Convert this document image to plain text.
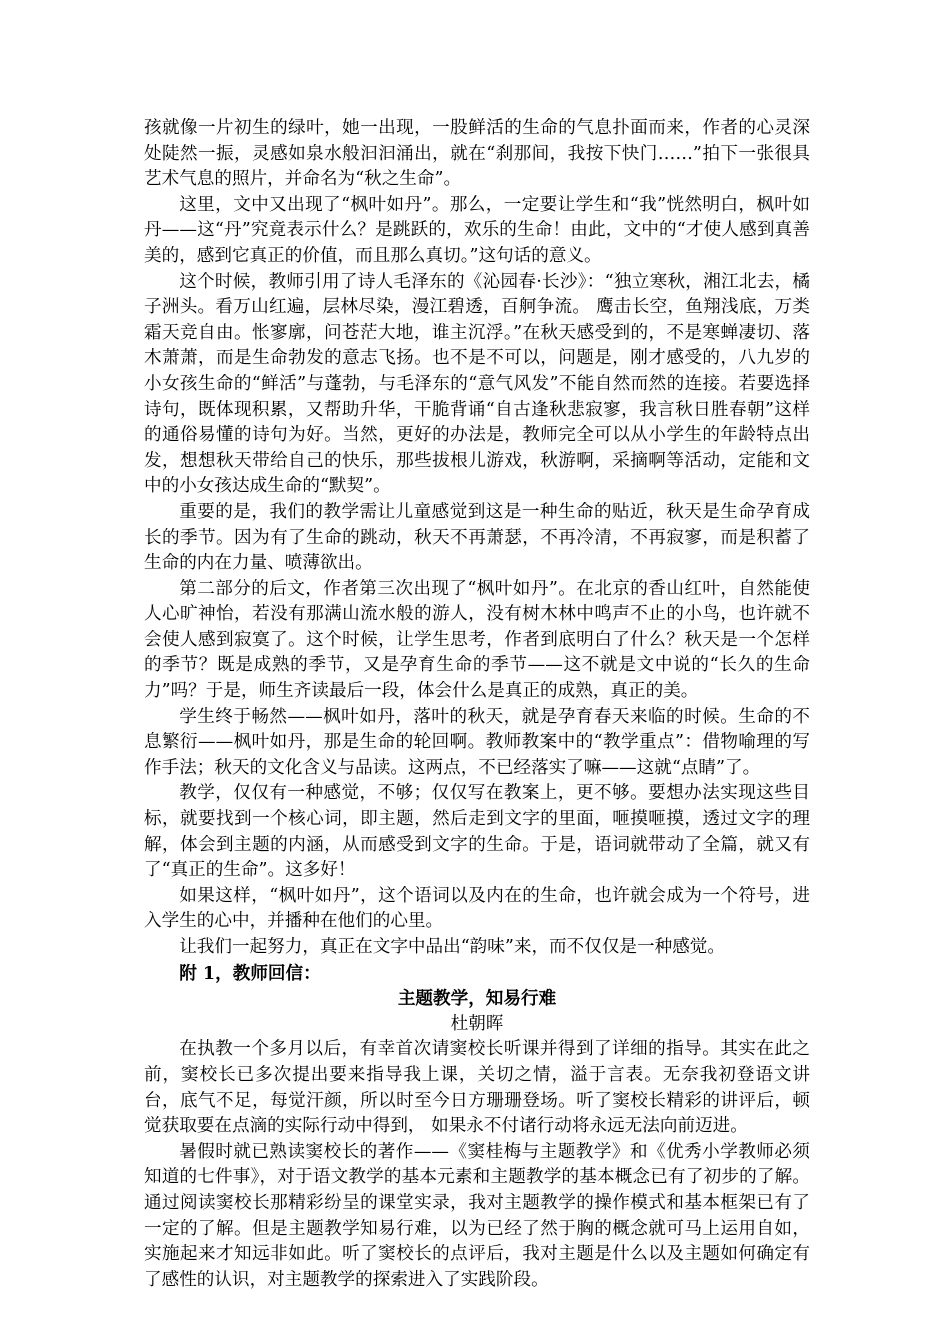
孩就像一片初生的绿叶，她一出现，一股鲜活的生命的气息扑面而来，作者的心灵深处陡然一振，灵感如泉水般汩汩涌出，就在“刹那间，我按下快门……”拍下一张很具艺术气息的照片，并命名为“秋之生命”。

这里，文中又出现了“枫叶如丹”。那么，一定要让学生和“我”恍然明白，枫叶如丹——这“丹”究竟表示什么？是跳跃的，欢乐的生命！由此，文中的“才使人感到真善美的，感到它真正的价值，而且那么真切。”这句话的意义。

这个时候，教师引用了诗人毛泽东的《沁园春·长沙》：“独立寒秋，湘江北去，橘子洲头。看万山红遍，层林尽染，漫江碧透，百舸争流。 鹰击长空，鱼翔浅底，万类霜天竞自由。怅寥廓，问苍茫大地，谁主沉浮。”在秋天感受到的，不是寒蝉凄切、落木萧萧，而是生命勃发的意志飞扬。也不是不可以，问题是，刚才感受的，八九岁的小女孩生命的“鲜活”与蓬勃，与毛泽东的“意气风发”不能自然而然的连接。若要选择诗句，既体现积累，又帮助升华，干脆背诵“自古逢秋悲寂寥，我言秋日胜春朝”这样的通俗易懂的诗句为好。当然，更好的办法是，教师完全可以从小学生的年龄特点出发，想想秋天带给自己的快乐，那些拔根儿游戏，秋游啊，采摘啊等活动，定能和文中的小女孩达成生命的“默契”。

重要的是，我们的教学需让儿童感觉到这是一种生命的贴近，秋天是生命孕育成长的季节。因为有了生命的跳动，秋天不再萧瑟，不再冷清，不再寂寥，而是积蓄了生命的内在力量、喷薄欲出。

第二部分的后文，作者第三次出现了“枫叶如丹”。在北京的香山红叶，自然能使人心旷神怡，若没有那满山流水般的游人，没有树木林中鸣声不止的小鸟，也许就不会使人感到寂寞了。这个时候，让学生思考，作者到底明白了什么？秋天是一个怎样的季节？既是成熟的季节，又是孕育生命的季节——这不就是文中说的“长久的生命力”吗？于是，师生齐读最后一段，体会什么是真正的成熟，真正的美。

学生终于畅然——枫叶如丹，落叶的秋天，就是孕育春天来临的时候。生命的不息繁衍——枫叶如丹，那是生命的轮回啊。教师教案中的“教学重点”：借物喻理的写作手法；秋天的文化含义与品读。这两点，不已经落实了嘛——这就“点睛”了。

教学，仅仅有一种感觉，不够；仅仅写在教案上，更不够。要想办法实现这些目标，就要找到一个核心词，即主题，然后走到文字的里面，咂摸咂摸，透过文字的理解，体会到主题的内涵，从而感受到文字的生命。于是，语词就带动了全篇，就又有了“真正的生命”。这多好！

如果这样，“枫叶如丹”，这个语词以及内在的生命，也许就会成为一个符号，进入学生的心中，并播种在他们的心里。

让我们一起努力，真正在文字中品出“韵味”来，而不仅仅是一种感觉。

附 1，教师回信：

主题教学，知易行难

杜朝晖

在执教一个多月以后，有幸首次请窦校长听课并得到了详细的指导。其实在此之前，窦校长已多次提出要来指导我上课，关切之情，溢于言表。无奈我初登语文讲台，底气不足，每觉汗颜，所以时至今日方珊珊登场。听了窦校长精彩的讲评后，顿觉获取要在点滴的实际行动中得到， 如果永不付诸行动将永远无法向前迈进。

暑假时就已熟读窦校长的著作——《窦桂梅与主题教学》和《优秀小学教师必须知道的七件事》，对于语文教学的基本元素和主题教学的基本概念已有了初步的了解。通过阅读窦校长那精彩纷呈的课堂实录，我对主题教学的操作模式和基本框架已有了一定的了解。但是主题教学知易行难，以为已经了然于胸的概念就可马上运用自如，实施起来才知远非如此。听了窦校长的点评后，我对主题是什么以及主题如何确定有了感性的认识，对主题教学的探索进入了实践阶段。
